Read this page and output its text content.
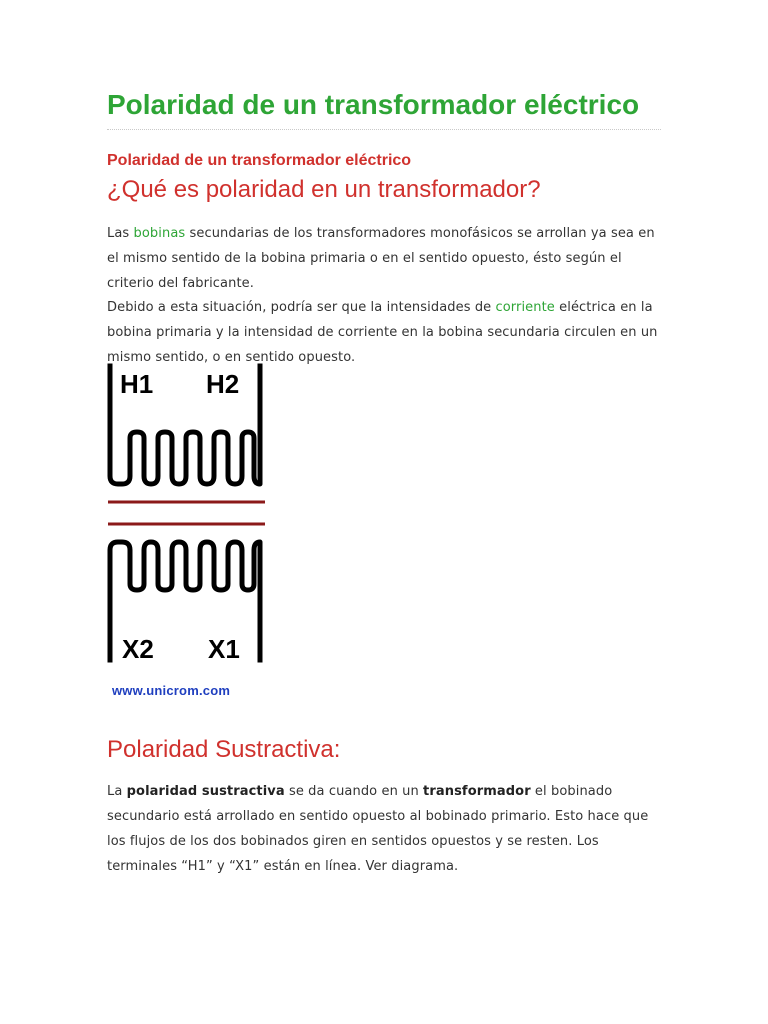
Polaridad de un transformador eléctrico
Polaridad de un transformador eléctrico
¿Qué es polaridad en un transformador?

Las bobinas secundarias de los transformadores monofásicos se arrollan ya sea en
el mismo sentido de la bobina primaria o en el sentido opuesto, ésto según el
criterio del fabricante.

Debido a esta situación, podría ser que la intensidades de corriente eléctrica en la
bobina primaria y la intensidad de corriente en la bobina secundaria circulen en un
mismo sentido, o en sentido opuesto.

H1 H2
X2 X1
www.unicrom.com
Polaridad Sustractiva:

La polaridad sustractiva se da cuando en un transformador el bobinado
secundario está arrollado en sentido opuesto al bobinado primario. Esto hace que
los flujos de los dos bobinados giren en sentidos opuestos y se resten. Los
terminales “H1” y “X1” están en línea. Ver diagrama.
